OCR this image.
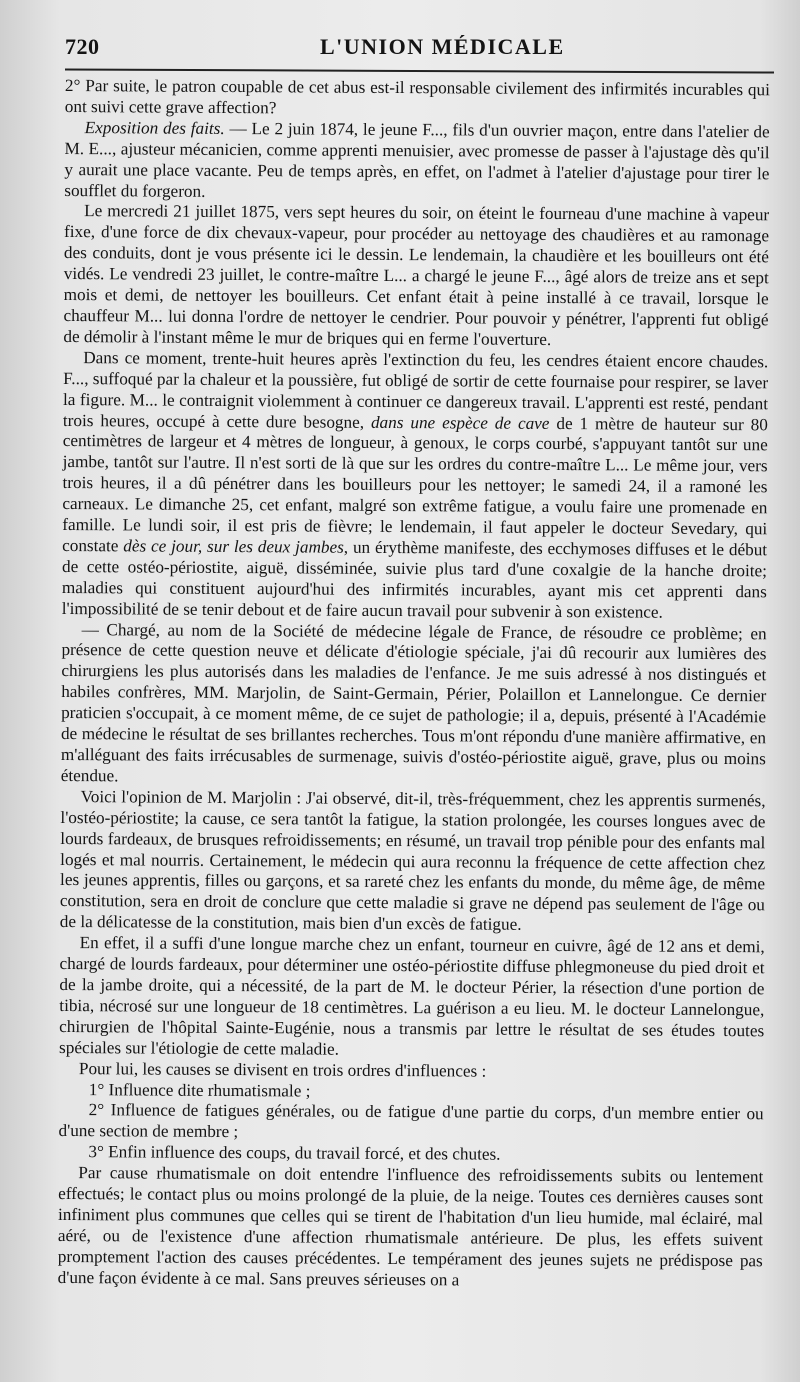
720	L'UNION MÉDICALE

2° Par suite, le patron coupable de cet abus est-il responsable civilement des infirmités incurables qui ont suivi cette grave affection?

Exposition des faits. — Le 2 juin 1874, le jeune F..., fils d'un ouvrier maçon, entre dans l'atelier de M. E..., ajusteur mécanicien, comme apprenti menuisier, avec promesse de passer à l'ajustage dès qu'il y aurait une place vacante. Peu de temps après, en effet, on l'admet à l'atelier d'ajustage pour tirer le soufflet du forgeron.

Le mercredi 21 juillet 1875, vers sept heures du soir, on éteint le fourneau d'une machine à vapeur fixe, d'une force de dix chevaux-vapeur, pour procéder au nettoyage des chaudières et au ramonage des conduits, dont je vous présente ici le dessin. Le lendemain, la chaudière et les bouilleurs ont été vidés. Le vendredi 23 juillet, le contre-maître L... a chargé le jeune F..., âgé alors de treize ans et sept mois et demi, de nettoyer les bouilleurs. Cet enfant était à peine installé à ce travail, lorsque le chauffeur M... lui donna l'ordre de nettoyer le cendrier. Pour pouvoir y pénétrer, l'apprenti fut obligé de démolir à l'instant même le mur de briques qui en ferme l'ouverture.

Dans ce moment, trente-huit heures après l'extinction du feu, les cendres étaient encore chaudes. F..., suffoqué par la chaleur et la poussière, fut obligé de sortir de cette fournaise pour respirer, se laver la figure. M... le contraignit violemment à continuer ce dangereux travail. L'apprenti est resté, pendant trois heures, occupé à cette dure besogne, dans une espèce de cave de 1 mètre de hauteur sur 80 centimètres de largeur et 4 mètres de longueur, à genoux, le corps courbé, s'appuyant tantôt sur une jambe, tantôt sur l'autre. Il n'est sorti de là que sur les ordres du contre-maître L... Le même jour, vers trois heures, il a dû pénétrer dans les bouilleurs pour les nettoyer; le samedi 24, il a ramoné les carneaux. Le dimanche 25, cet enfant, malgré son extrême fatigue, a voulu faire une promenade en famille. Le lundi soir, il est pris de fièvre; le lendemain, il faut appeler le docteur Sevedary, qui constate dès ce jour, sur les deux jambes, un érythème manifeste, des ecchymoses diffuses et le début de cette ostéo-périostite, aiguë, disséminée, suivie plus tard d'une coxalgie de la hanche droite; maladies qui constituent aujourd'hui des infirmités incurables, ayant mis cet apprenti dans l'impossibilité de se tenir debout et de faire aucun travail pour subvenir à son existence.

— Chargé, au nom de la Société de médecine légale de France, de résoudre ce problème; en présence de cette question neuve et délicate d'étiologie spéciale, j'ai dû recourir aux lumières des chirurgiens les plus autorisés dans les maladies de l'enfance. Je me suis adressé à nos distingués et habiles confrères, MM. Marjolin, de Saint-Germain, Périer, Polaillon et Lannelongue. Ce dernier praticien s'occupait, à ce moment même, de ce sujet de pathologie; il a, depuis, présenté à l'Académie de médecine le résultat de ses brillantes recherches. Tous m'ont répondu d'une manière affirmative, en m'alléguant des faits irrécusables de surmenage, suivis d'ostéo-périostite aiguë, grave, plus ou moins étendue.

Voici l'opinion de M. Marjolin : J'ai observé, dit-il, très-fréquemment, chez les apprentis surmenés, l'ostéo-périostite; la cause, ce sera tantôt la fatigue, la station prolongée, les courses longues avec de lourds fardeaux, de brusques refroidissements; en résumé, un travail trop pénible pour des enfants mal logés et mal nourris. Certainement, le médecin qui aura reconnu la fréquence de cette affection chez les jeunes apprentis, filles ou garçons, et sa rareté chez les enfants du monde, du même âge, de même constitution, sera en droit de conclure que cette maladie si grave ne dépend pas seulement de l'âge ou de la délicatesse de la constitution, mais bien d'un excès de fatigue.

En effet, il a suffi d'une longue marche chez un enfant, tourneur en cuivre, âgé de 12 ans et demi, chargé de lourds fardeaux, pour déterminer une ostéo-périostite diffuse phlegmoneuse du pied droit et de la jambe droite, qui a nécessité, de la part de M. le docteur Périer, la résection d'une portion de tibia, nécrosé sur une longueur de 18 centimètres. La guérison a eu lieu. M. le docteur Lannelongue, chirurgien de l'hôpital Sainte-Eugénie, nous a transmis par lettre le résultat de ses études toutes spéciales sur l'étiologie de cette maladie.

Pour lui, les causes se divisent en trois ordres d'influences :

1° Influence dite rhumatismale ;

2° Influence de fatigues générales, ou de fatigue d'une partie du corps, d'un membre entier ou d'une section de membre ;

3° Enfin influence des coups, du travail forcé, et des chutes.

Par cause rhumatismale on doit entendre l'influence des refroidissements subits ou lentement effectués; le contact plus ou moins prolongé de la pluie, de la neige. Toutes ces dernières causes sont infiniment plus communes que celles qui se tirent de l'habitation d'un lieu humide, mal éclairé, mal aéré, ou de l'existence d'une affection rhumatismale antérieure. De plus, les effets suivent promptement l'action des causes précédentes. Le tempérament des jeunes sujets ne prédispose pas d'une façon évidente à ce mal. Sans preuves sérieuses on a
